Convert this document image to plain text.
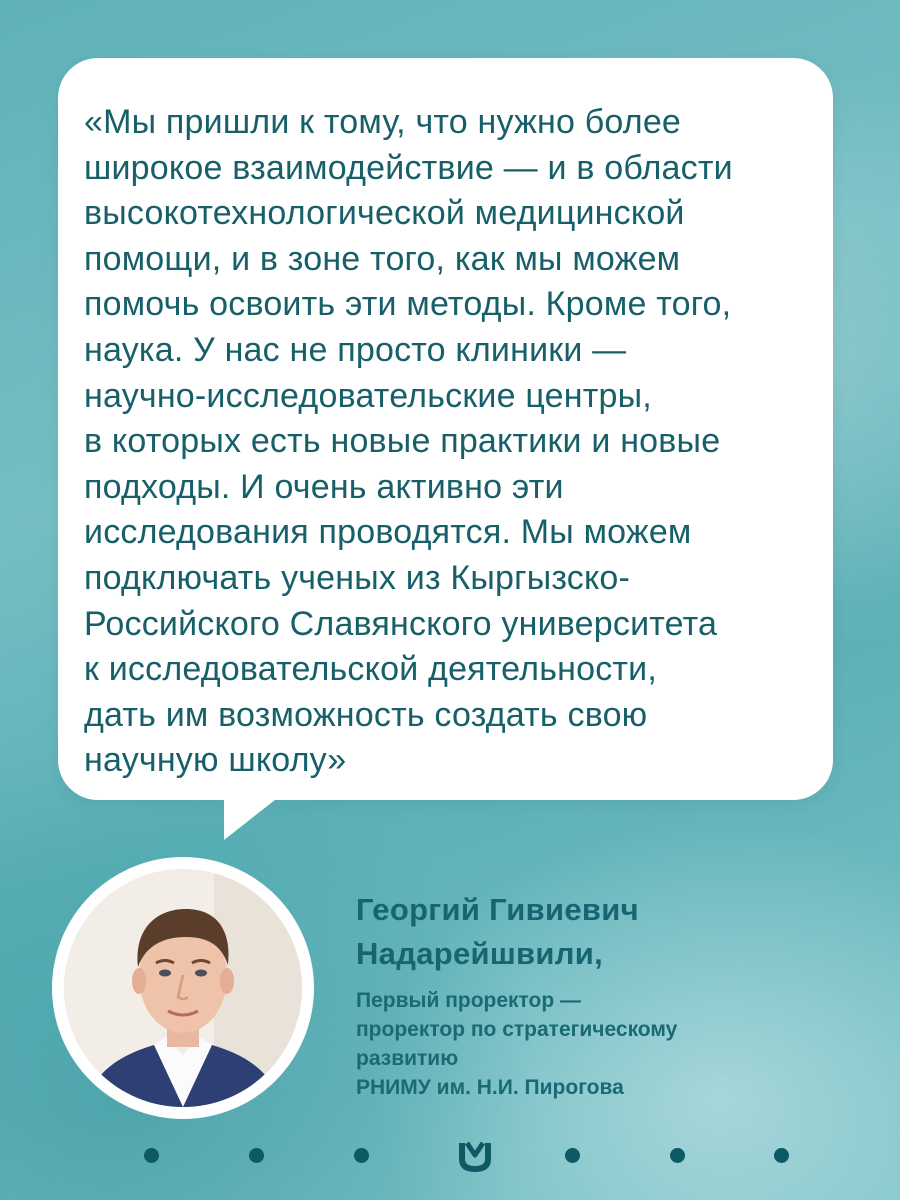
«Мы пришли к тому, что нужно более
широкое взаимодействие — и в области
высокотехнологической медицинской
помощи, и в зоне того, как мы можем
помочь освоить эти методы. Кроме того,
наука. У нас не просто клиники —
научно-исследовательские центры,
в которых есть новые практики и новые
подходы. И очень активно эти
исследования проводятся. Мы можем
подключать ученых из Кыргызско-
Российского Славянского университета
к исследовательской деятельности,
дать им возможность создать свою
научную школу»

Георгий Гивиевич
Надарейшвили,

Первый проректор —
проректор по стратегическому
развитию
РНИМУ им. Н.И. Пирогова
